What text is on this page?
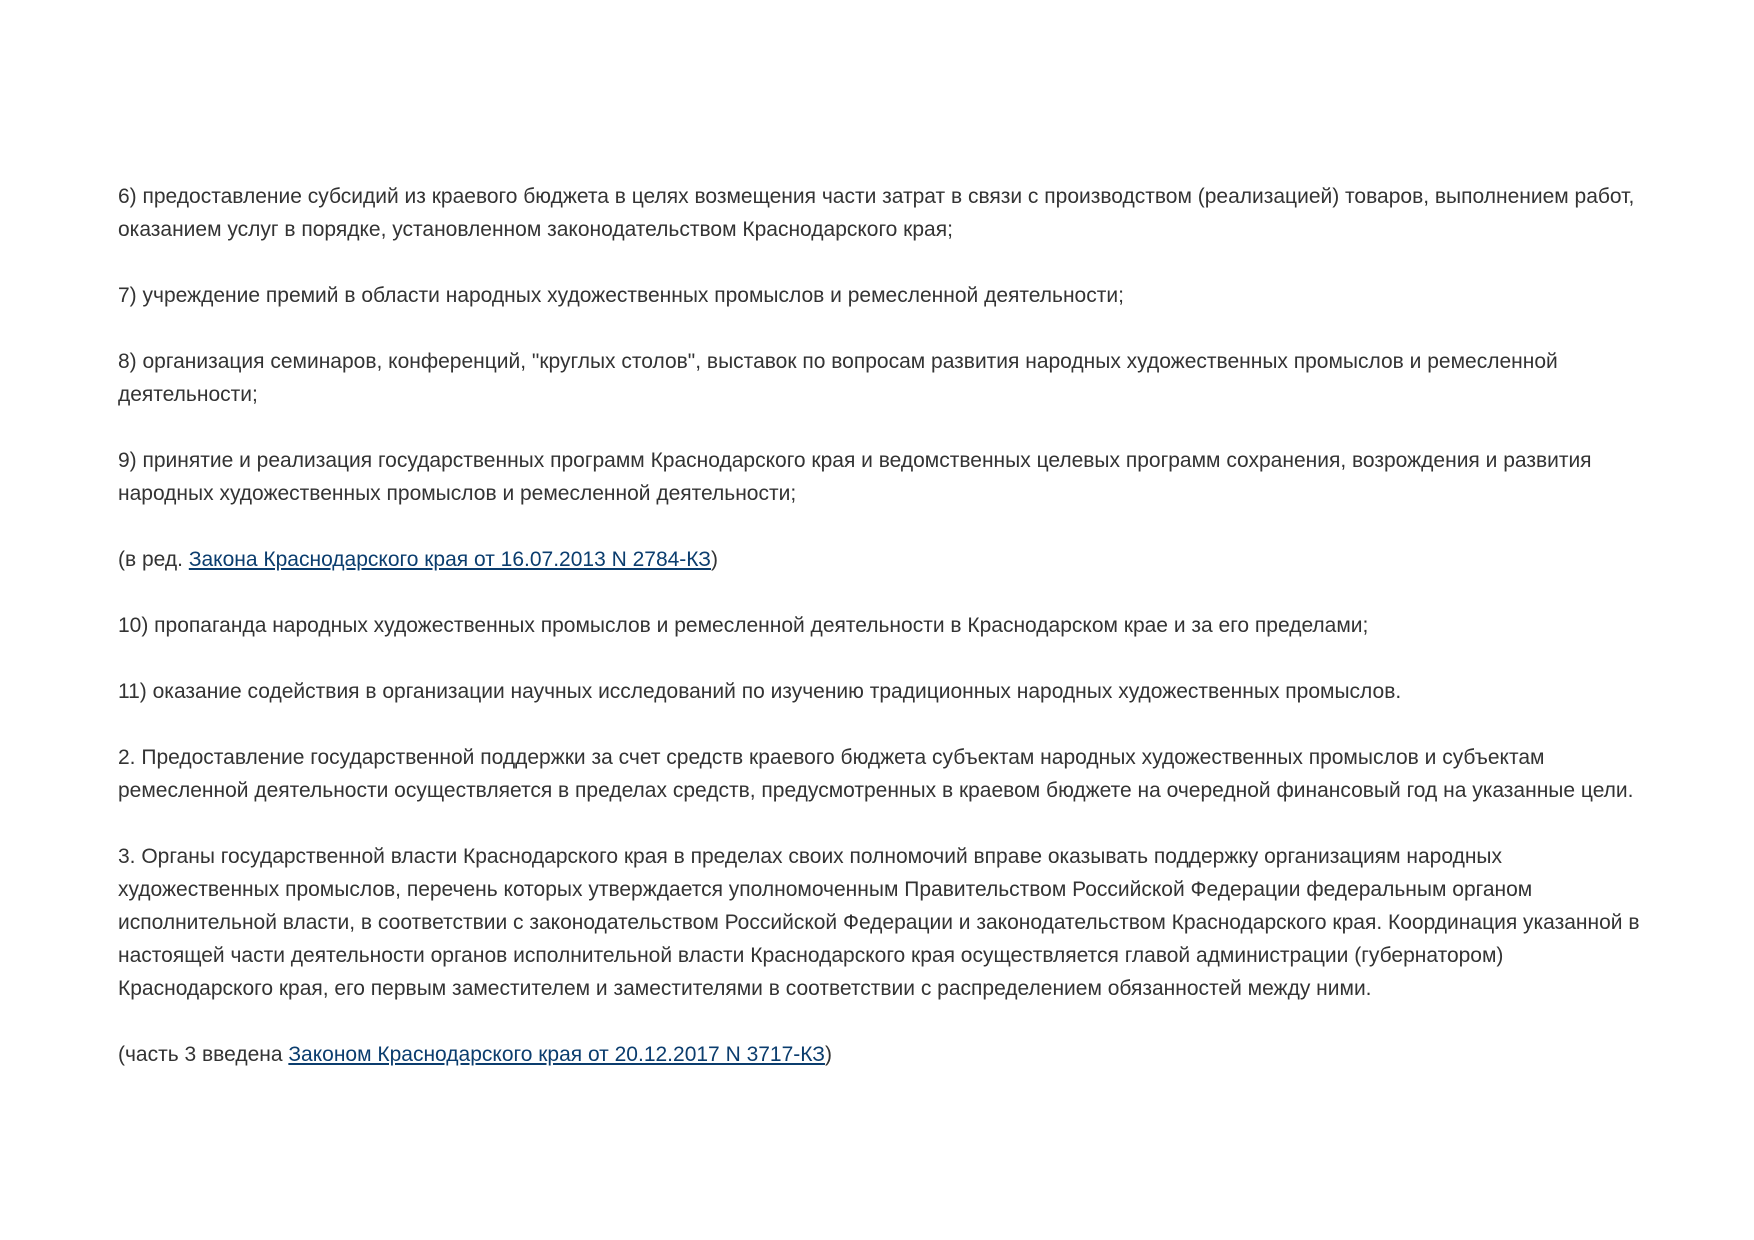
6) предоставление субсидий из краевого бюджета в целях возмещения части затрат в связи с производством (реализацией) товаров, выполнением работ, оказанием услуг в порядке, установленном законодательством Краснодарского края;

7) учреждение премий в области народных художественных промыслов и ремесленной деятельности;

8) организация семинаров, конференций, "круглых столов", выставок по вопросам развития народных художественных промыслов и ремесленной деятельности;

9) принятие и реализация государственных программ Краснодарского края и ведомственных целевых программ сохранения, возрождения и развития народных художественных промыслов и ремесленной деятельности;

(в ред. Закона Краснодарского края от 16.07.2013 N 2784-КЗ)

10) пропаганда народных художественных промыслов и ремесленной деятельности в Краснодарском крае и за его пределами;

11) оказание содействия в организации научных исследований по изучению традиционных народных художественных промыслов.

2. Предоставление государственной поддержки за счет средств краевого бюджета субъектам народных художественных промыслов и субъектам ремесленной деятельности осуществляется в пределах средств, предусмотренных в краевом бюджете на очередной финансовый год на указанные цели.

3. Органы государственной власти Краснодарского края в пределах своих полномочий вправе оказывать поддержку организациям народных художественных промыслов, перечень которых утверждается уполномоченным Правительством Российской Федерации федеральным органом исполнительной власти, в соответствии с законодательством Российской Федерации и законодательством Краснодарского края. Координация указанной в настоящей части деятельности органов исполнительной власти Краснодарского края осуществляется главой администрации (губернатором) Краснодарского края, его первым заместителем и заместителями в соответствии с распределением обязанностей между ними.

(часть 3 введена Законом Краснодарского края от 20.12.2017 N 3717-КЗ)
